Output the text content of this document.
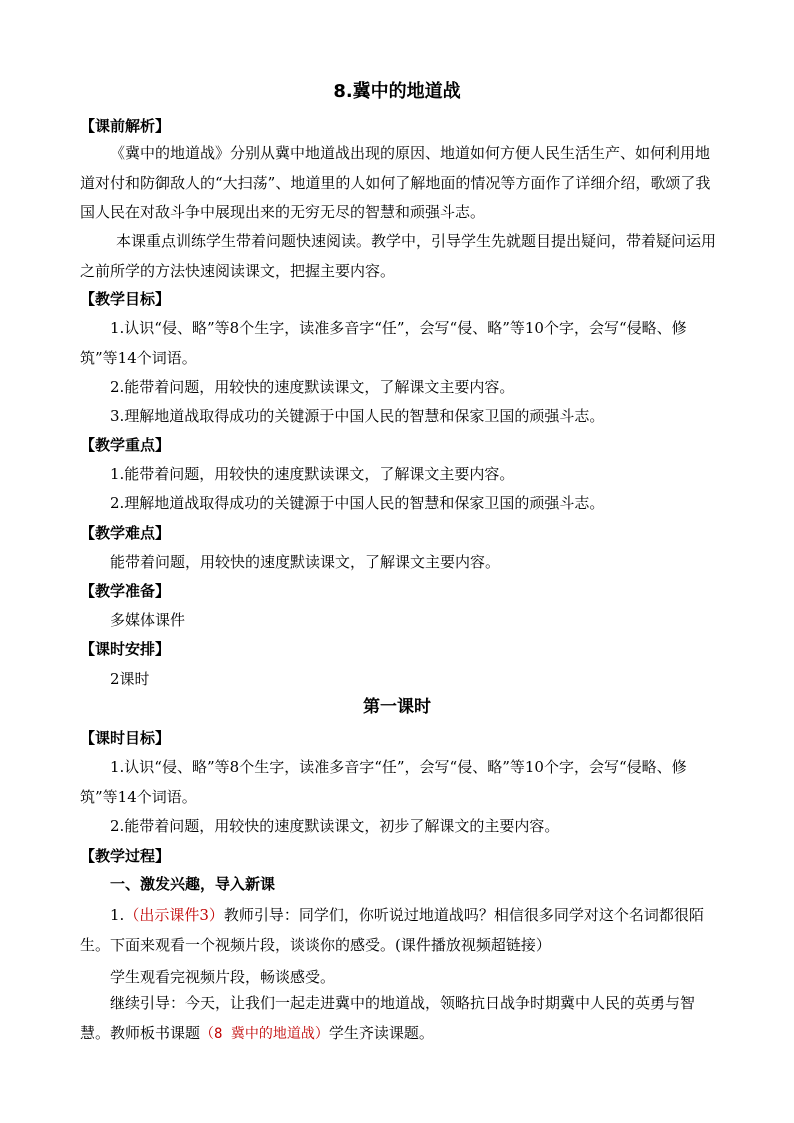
8.冀中的地道战
【课前解析】

《冀中的地道战》分别从冀中地道战出现的原因、地道如何方便人民生活生产、如何利用地道对付和防御敌人的“大扫荡”、地道里的人如何了解地面的情况等方面作了详细介绍，歌颂了我国人民在对敌斗争中展现出来的无穷无尽的智慧和顽强斗志。

本课重点训练学生带着问题快速阅读。教学中，引导学生先就题目提出疑问，带着疑问运用之前所学的方法快速阅读课文，把握主要内容。

【教学目标】

1.认识“侵、略”等8个生字，读准多音字“任”，会写“侵、略”等10个字，会写“侵略、修筑”等14个词语。

2.能带着问题，用较快的速度默读课文，了解课文主要内容。
3.理解地道战取得成功的关键源于中国人民的智慧和保家卫国的顽强斗志。
【教学重点】
1.能带着问题，用较快的速度默读课文，了解课文主要内容。
2.理解地道战取得成功的关键源于中国人民的智慧和保家卫国的顽强斗志。
【教学难点】
能带着问题，用较快的速度默读课文，了解课文主要内容。
【教学准备】
多媒体课件
【课时安排】
2课时
第一课时
【课时目标】

1.认识“侵、略”等8个生字，读准多音字“任”，会写“侵、略”等10个字，会写“侵略、修筑”等14个词语。

2.能带着问题，用较快的速度默读课文，初步了解课文的主要内容。
【教学过程】
一、激发兴趣，导入新课

1.（出示课件3）教师引导：同学们，你听说过地道战吗？相信很多同学对这个名词都很陌生。下面来观看一个视频片段，谈谈你的感受。(课件播放视频超链接）

学生观看完视频片段，畅谈感受。

继续引导：今天，让我们一起走进冀中的地道战，领略抗日战争时期冀中人民的英勇与智慧。教师板书课题（8 冀中的地道战）学生齐读课题。
